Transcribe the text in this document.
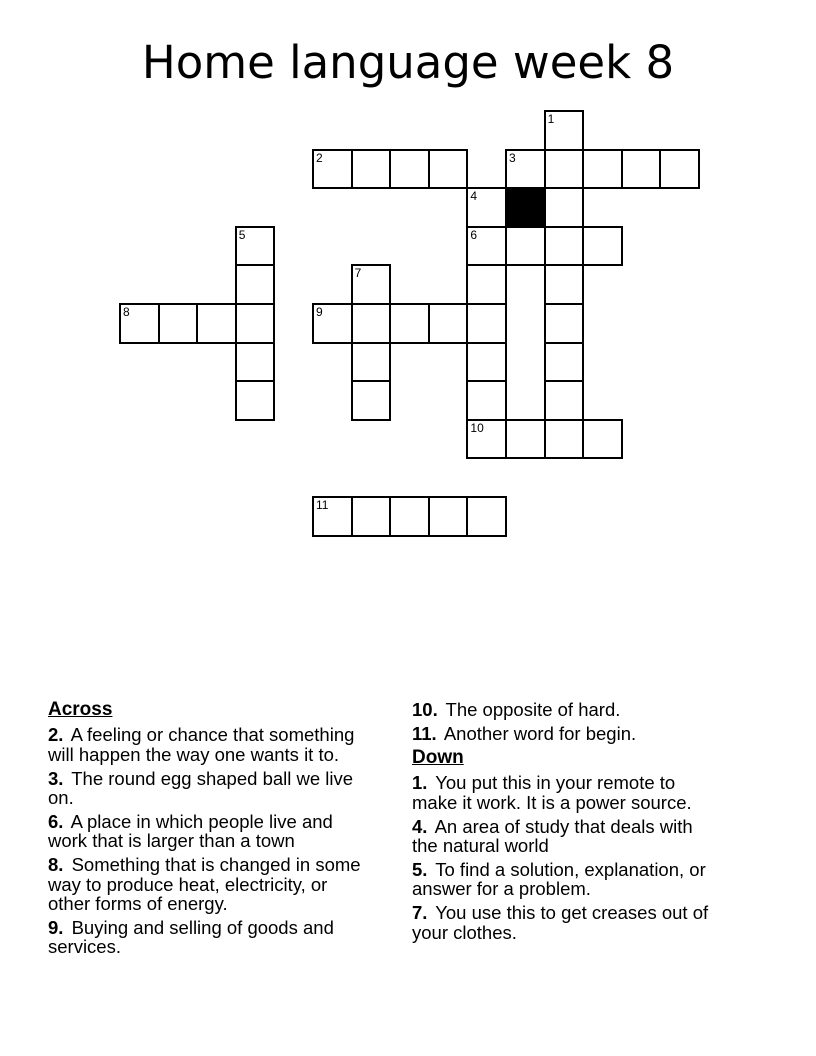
Home language week 8
1
2	3
4
6
10
5
7
8	9
11

Across

2. A feeling or chance that something will happen the way one wants it to.

3. The round egg shaped ball we live on.

6. A place in which people live and work that is larger than a town

8. Something that is changed in some way to produce heat, electricity, or other forms of energy.

9. Buying and selling of goods and services.

10. The opposite of hard.

11. Another word for begin.

Down

1. You put this in your remote to make it work. It is a power source.

4. An area of study that deals with the natural world

5. To find a solution, explanation, or answer for a problem.

7. You use this to get creases out of your clothes.
